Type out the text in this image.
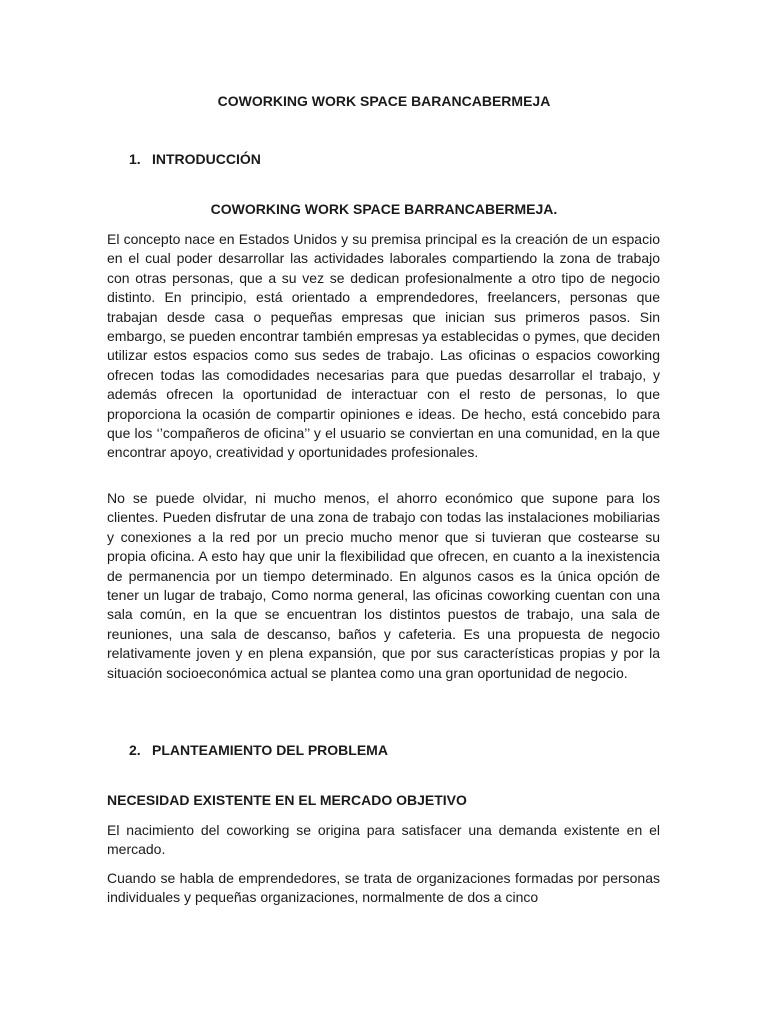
COWORKING WORK SPACE BARANCABERMEJA
1. INTRODUCCIÓN
COWORKING WORK SPACE BARRANCABERMEJA.

El concepto nace en Estados Unidos y su premisa principal es la creación de un espacio en el cual poder desarrollar las actividades laborales compartiendo la zona de trabajo con otras personas, que a su vez se dedican profesionalmente a otro tipo de negocio distinto. En principio, está orientado a emprendedores, freelancers, personas que trabajan desde casa o pequeñas empresas que inician sus primeros pasos. Sin embargo, se pueden encontrar también empresas ya establecidas o pymes, que deciden utilizar estos espacios como sus sedes de trabajo. Las oficinas o espacios coworking ofrecen todas las comodidades necesarias para que puedas desarrollar el trabajo, y además ofrecen la oportunidad de interactuar con el resto de personas, lo que proporciona la ocasión de compartir opiniones e ideas. De hecho, está concebido para que los ‘’compañeros de oficina’’ y el usuario se conviertan en una comunidad, en la que encontrar apoyo, creatividad y oportunidades profesionales.

No se puede olvidar, ni mucho menos, el ahorro económico que supone para los clientes. Pueden disfrutar de una zona de trabajo con todas las instalaciones mobiliarias y conexiones a la red por un precio mucho menor que si tuvieran que costearse su propia oficina. A esto hay que unir la flexibilidad que ofrecen, en cuanto a la inexistencia de permanencia por un tiempo determinado. En algunos casos es la única opción de tener un lugar de trabajo, Como norma general, las oficinas coworking cuentan con una sala común, en la que se encuentran los distintos puestos de trabajo, una sala de reuniones, una sala de descanso, baños y cafeteria. Es una propuesta de negocio relativamente joven y en plena expansión, que por sus características propias y por la situación socioeconómica actual se plantea como una gran oportunidad de negocio.

2. PLANTEAMIENTO DEL PROBLEMA
NECESIDAD EXISTENTE EN EL MERCADO OBJETIVO

El nacimiento del coworking se origina para satisfacer una demanda existente en el mercado.

Cuando se habla de emprendedores, se trata de organizaciones formadas por personas individuales y pequeñas organizaciones, normalmente de dos a cinco
